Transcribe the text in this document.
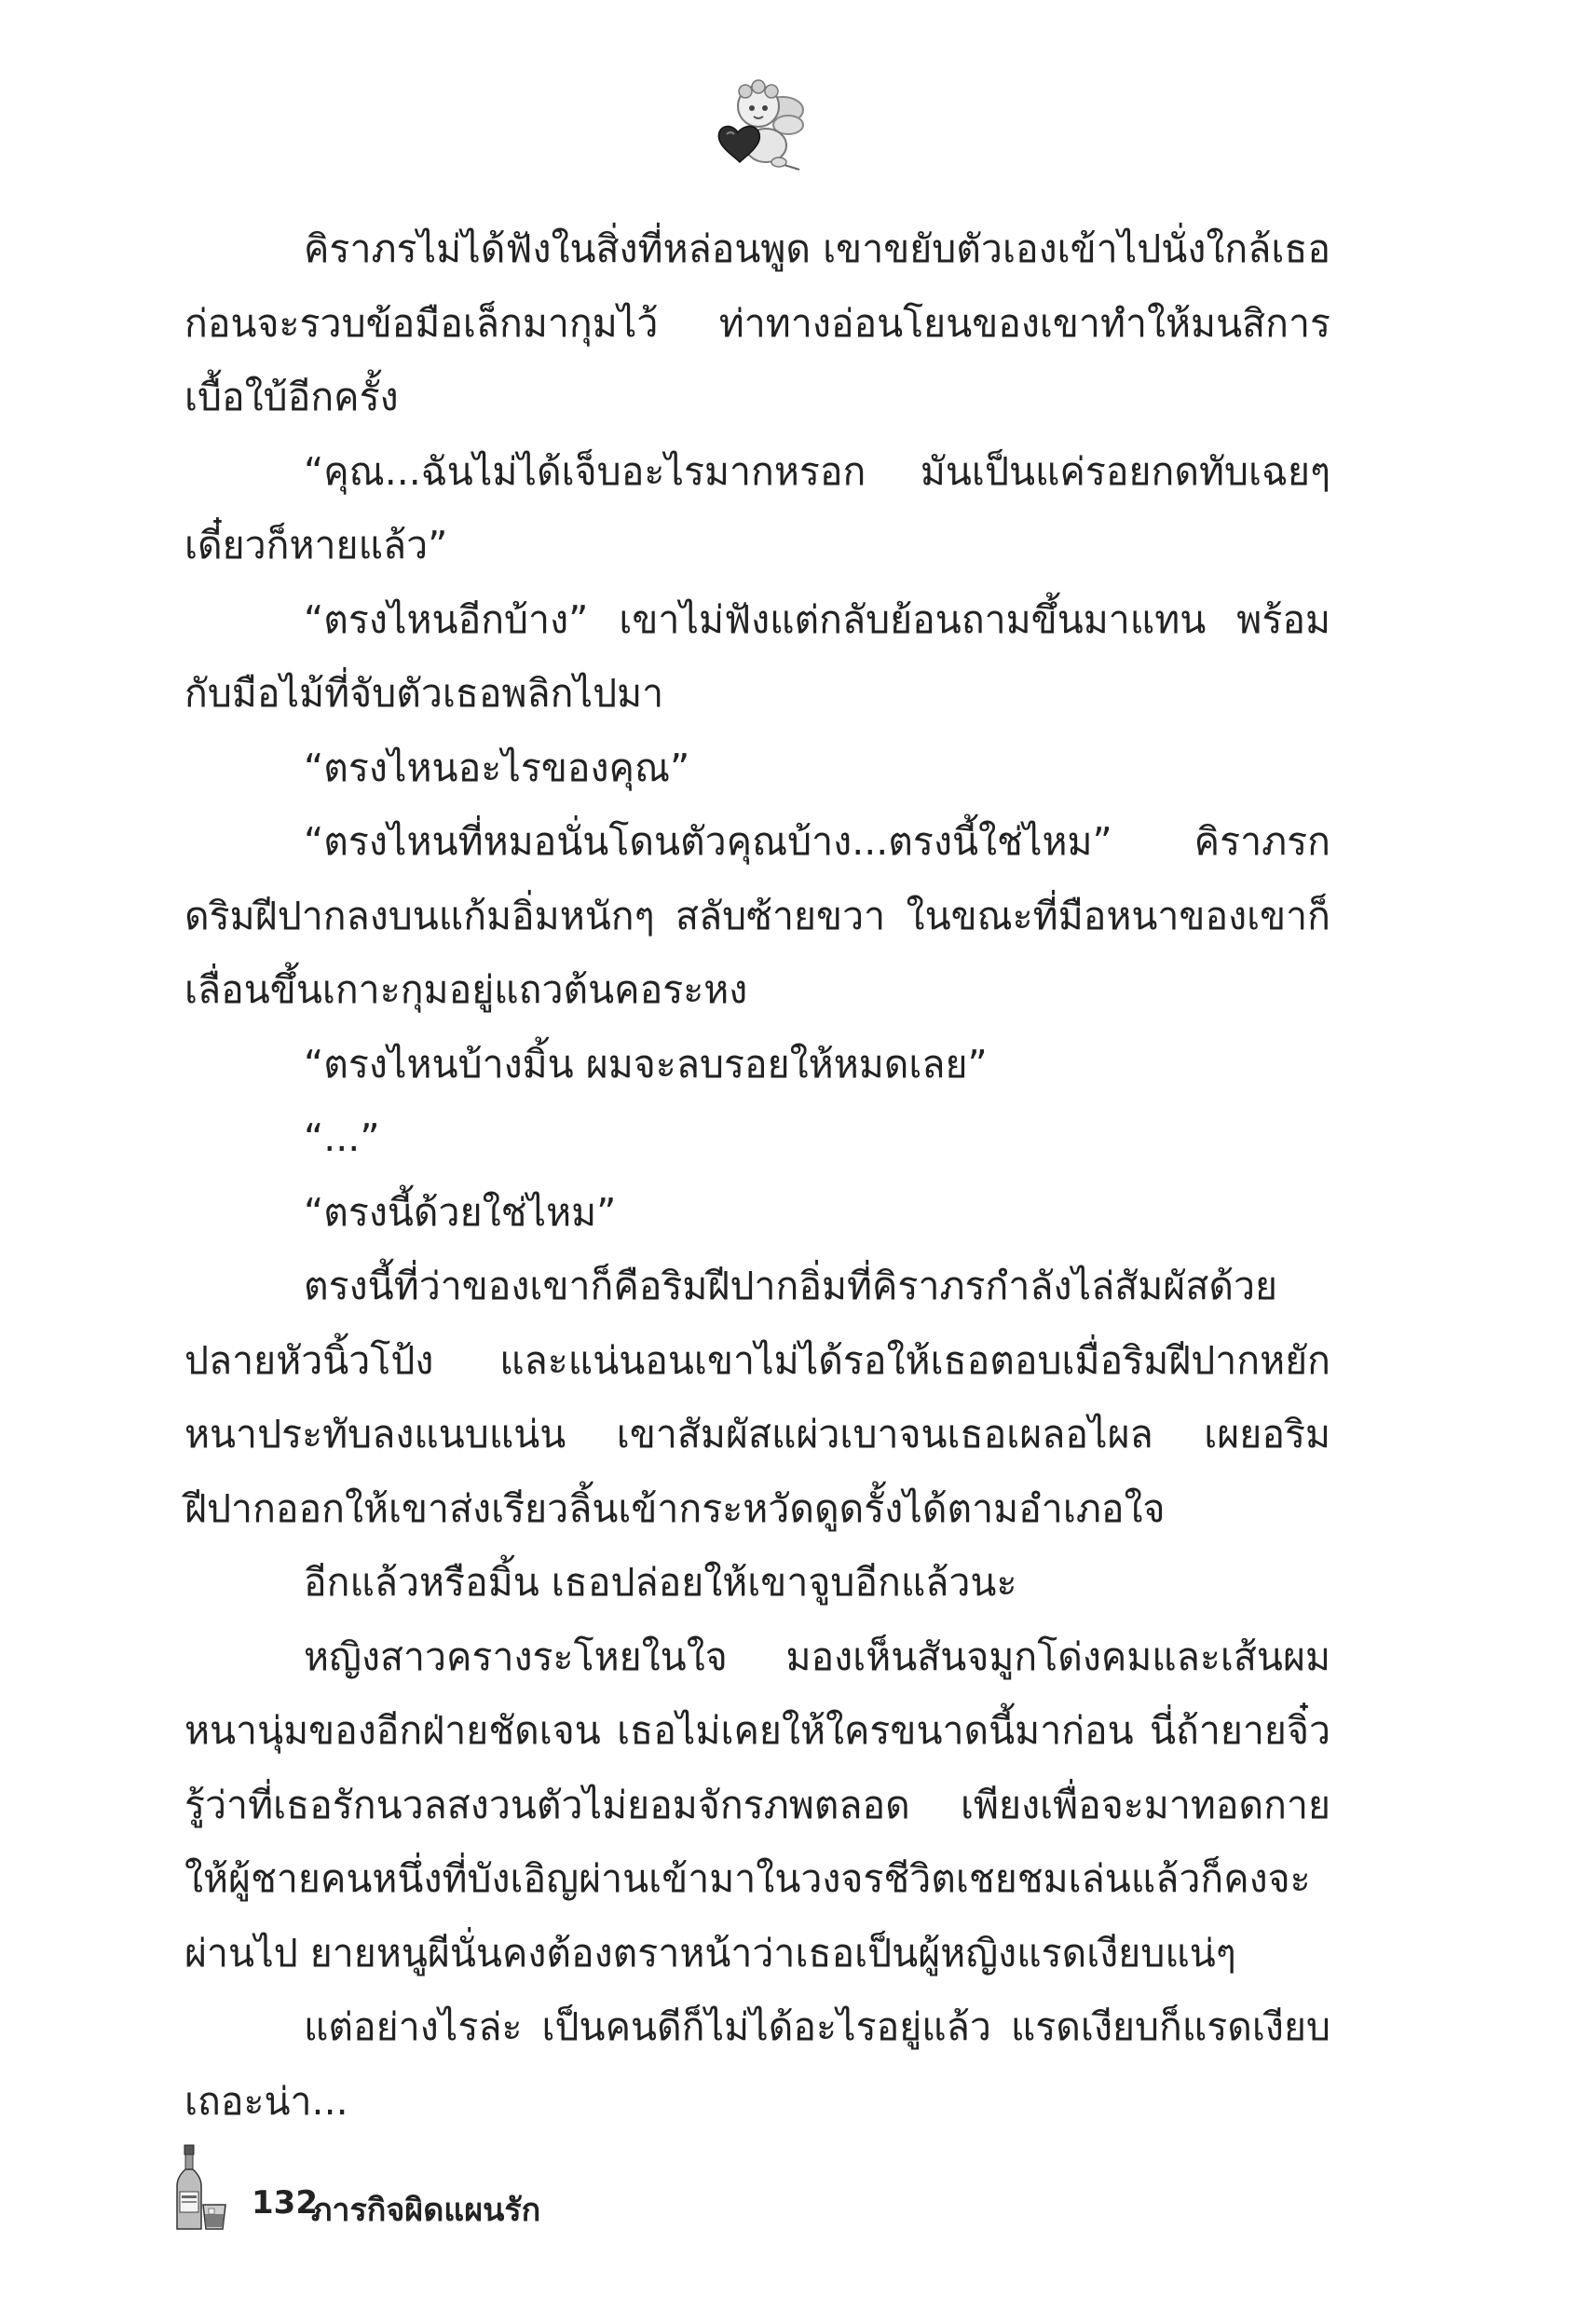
คิราภรไม่ได้ฟังในสิ่งที่หล่อนพูด เขาขยับตัวเองเข้าไปนั่งใกล้เธอ ก่อนจะรวบข้อมือเล็กมากุมไว้ ท่าทางอ่อนโยนของเขาทำให้มนสิการเบื้อใบ้อีกครั้ง

“คุณ...ฉันไม่ได้เจ็บอะไรมากหรอก มันเป็นแค่รอยกดทับเฉยๆ เดี๋ยวก็หายแล้ว”

“ตรงไหนอีกบ้าง” เขาไม่ฟังแต่กลับย้อนถามขึ้นมาแทน พร้อมกับมือไม้ที่จับตัวเธอพลิกไปมา

“ตรงไหนอะไรของคุณ”

“ตรงไหนที่หมอนั่นโดนตัวคุณบ้าง...ตรงนี้ใช่ไหม” คิราภรกดริมฝีปากลงบนแก้มอิ่มหนักๆ สลับซ้ายขวา ในขณะที่มือหนาของเขาก็เลื่อนขึ้นเกาะกุมอยู่แถวต้นคอระหง

“ตรงไหนบ้างมิ้น ผมจะลบรอยให้หมดเลย”

“...”

“ตรงนี้ด้วยใช่ไหม”

ตรงนี้ที่ว่าของเขาก็คือริมฝีปากอิ่มที่คิราภรกำลังไล่สัมผัสด้วยปลายหัวนิ้วโป้ง และแน่นอนเขาไม่ได้รอให้เธอตอบเมื่อริมฝีปากหยักหนาประทับลงแนบแน่น เขาสัมผัสแผ่วเบาจนเธอเผลอไผล เผยอริมฝีปากออกให้เขาส่งเรียวลิ้นเข้ากระหวัดดูดรั้งได้ตามอำเภอใจ

อีกแล้วหรือมิ้น เธอปล่อยให้เขาจูบอีกแล้วนะ

หญิงสาวครางระโหยในใจ มองเห็นสันจมูกโด่งคมและเส้นผมหนานุ่มของอีกฝ่ายชัดเจน เธอไม่เคยให้ใครขนาดนี้มาก่อน นี่ถ้ายายจิ๋วรู้ว่าที่เธอรักนวลสงวนตัวไม่ยอมจักรภพตลอด เพียงเพื่อจะมาทอดกายให้ผู้ชายคนหนึ่งที่บังเอิญผ่านเข้ามาในวงจรชีวิตเชยชมเล่นแล้วก็คงจะผ่านไป ยายหนูผีนั่นคงต้องตราหน้าว่าเธอเป็นผู้หญิงแรดเงียบแน่ๆ

แต่อย่างไรล่ะ เป็นคนดีก็ไม่ได้อะไรอยู่แล้ว แรดเงียบก็แรดเงียบเถอะน่า...

132
ภารกิจผิดแผนรัก
